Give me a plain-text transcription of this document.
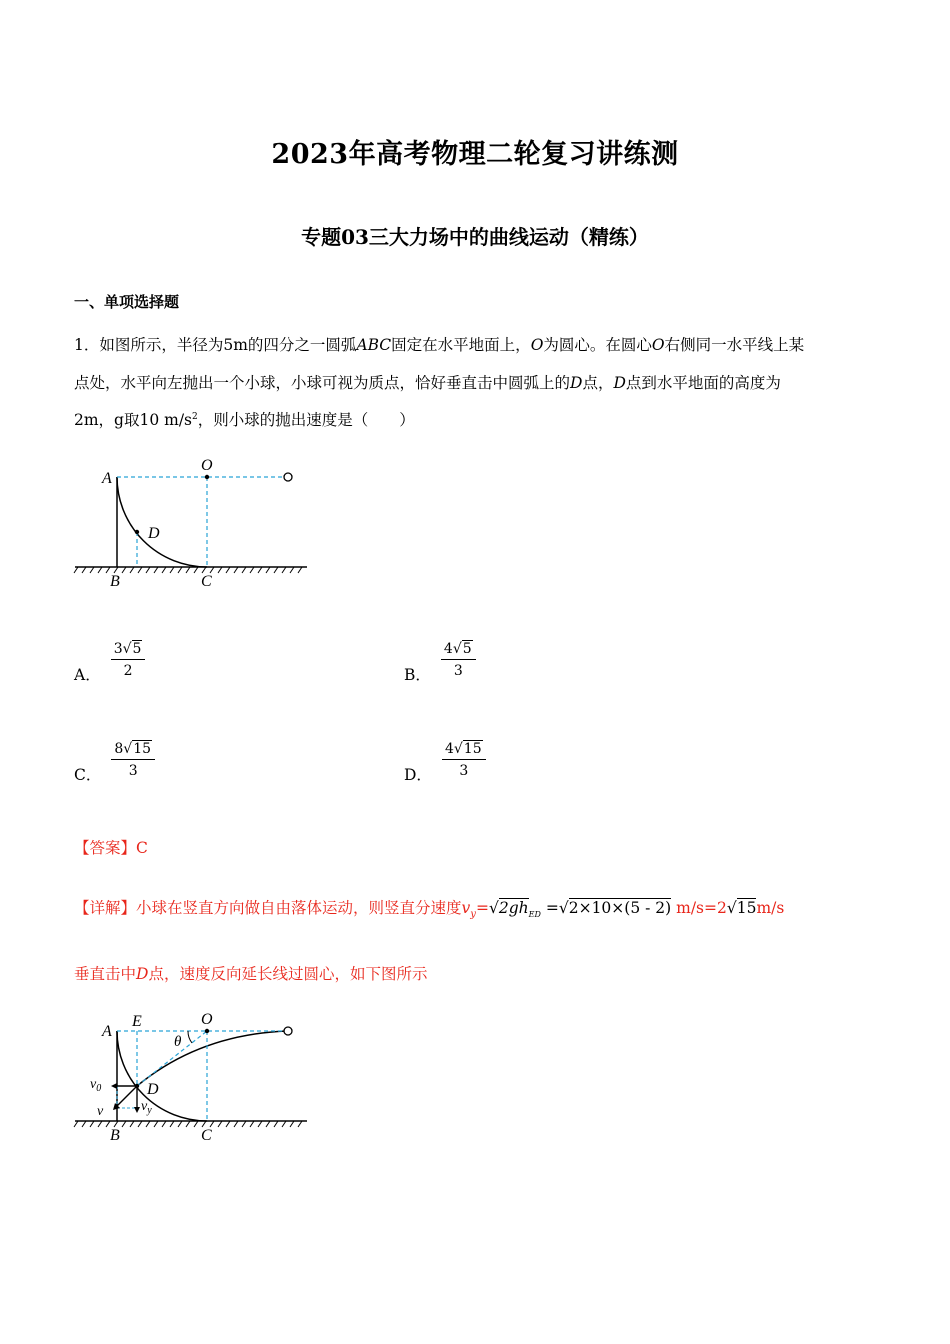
2023年高考物理二轮复习讲练测
专题03三大力场中的曲线运动（精练）
一、单项选择题
1．如图所示，半径为5m的四分之一圆弧ABC固定在水平地面上，O为圆心。在圆心O右侧同一水平线上某
点处，水平向左抛出一个小球，小球可视为质点，恰好垂直击中圆弧上的D点，D点到水平地面的高度为
2m，g取10 $m/s^2$，则小球的抛出速度是（　　）
A
O
D
B	C
A． $\frac{3√5}{2}$	B． $\frac{4√5}{3}$
C． $\frac{8√15}{3}$	D． $\frac{4√15}{3}$
【答案】C
【详解】小球在竖直方向做自由落体运动，则竖直分速度$v_y=√2gh_{ED} =√2\times 10\times(5 - 2)$ m/s=2√15m/s
垂直击中D点，速度反向延长线过圆心，如下图所示
A
E	O
θ
$v_0$	D
v	$v_y$
B	C
